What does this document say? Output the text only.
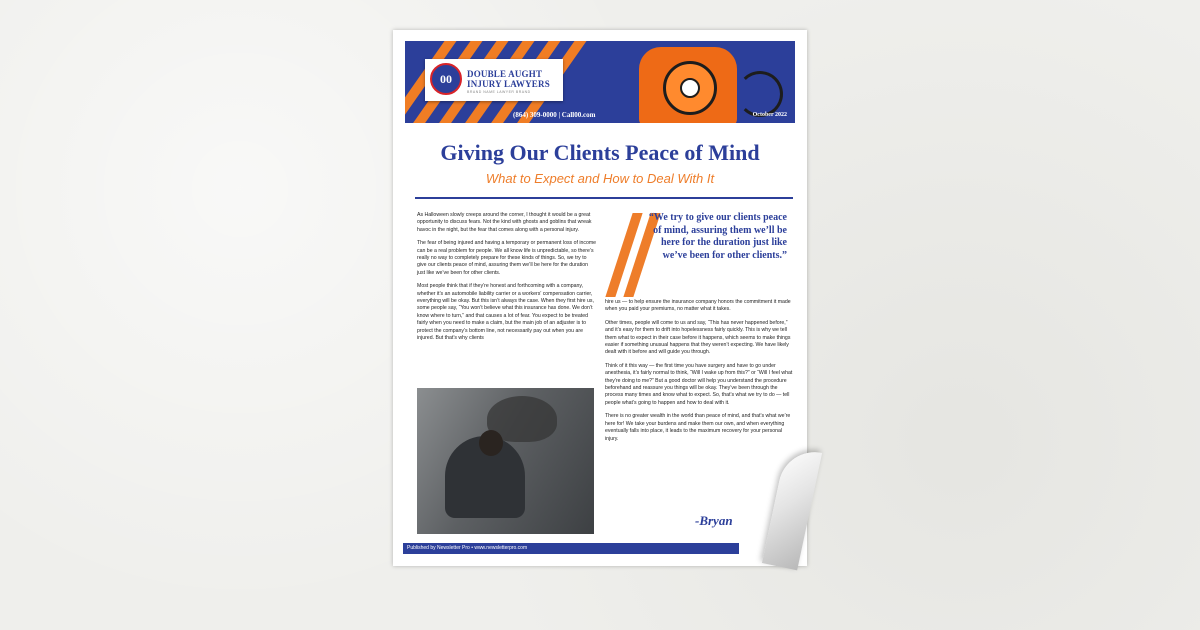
00	DOUBLE AUGHT
INJURY LAWYERS
BRAND NAME LAWYER BRAND
(864) 309-0000 | Call00.com	October 2022
Giving Our Clients Peace of Mind
What to Expect and How to Deal With It

As Halloween slowly creeps around the corner, I thought it would be a great opportunity to discuss fears. Not the kind with ghosts and goblins that wreak havoc in the night, but the fear that comes along with a personal injury.

The fear of being injured and having a temporary or permanent loss of income can be a real problem for people. We all know life is unpredictable, so there’s really no way to completely prepare for these kinds of things. So, we try to give our clients peace of mind, assuring them we’ll be here for the duration just like we’ve been for other clients.

Most people think that if they’re honest and forthcoming with a company, whether it’s an automobile liability carrier or a workers’ compensation carrier, everything will be okay. But this isn’t always the case. When they first hire us, some people say, “You won’t believe what this insurance has done. We don’t know where to turn,” and that causes a lot of fear. You expect to be treated fairly when you need to make a claim, but the main job of an adjuster is to protect the company’s bottom line, not necessarily pay out when you are injured. But that’s why clients

“We try to give our clients peace of mind, assuring them we’ll be here for the duration just like we’ve been for other clients.”

hire us — to help ensure the insurance company honors the commitment it made when you paid your premiums, no matter what it takes.

Other times, people will come to us and say, “This has never happened before,” and it’s easy for them to drift into hopelessness fairly quickly. This is why we tell them what to expect in their case before it happens, which seems to make things easier if something unusual happens that they weren’t expecting. We have likely dealt with it before and will guide you through.

Think of it this way — the first time you have surgery and have to go under anesthesia, it’s fairly normal to think, “Will I wake up from this?” or “Will I feel what they’re doing to me?” But a good doctor will help you understand the procedure beforehand and reassure you things will be okay. They’ve been through the process many times and know what to expect. So, that’s what we try to do — tell people what’s going to happen and how to deal with it.

There is no greater wealth in the world than peace of mind, and that’s what we’re here for! We take your burdens and make them our own, and when everything eventually falls into place, it leads to the maximum recovery for your personal injury.

-Bryan
Published by Newsletter Pro • www.newsletterpro.com
